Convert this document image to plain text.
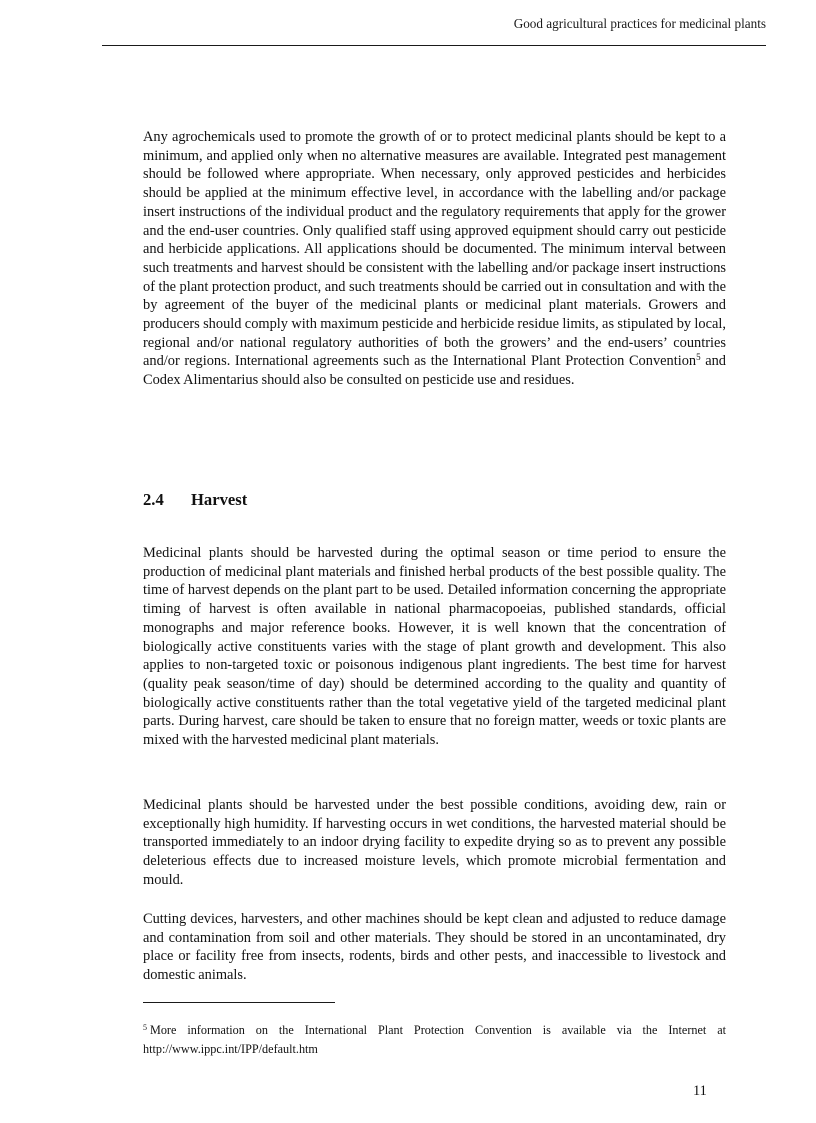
Good agricultural practices for medicinal plants

Any agrochemicals used to promote the growth of or to protect medicinal plants should be kept to a minimum, and applied only when no alternative measures are available. Integrated pest management should be followed where appropriate. When necessary, only approved pesticides and herbicides should be applied at the minimum effective level, in accordance with the labelling and/or package insert instructions of the individual product and the regulatory requirements that apply for the grower and the end-user countries. Only qualified staff using approved equipment should carry out pesticide and herbicide applications. All applications should be documented. The minimum interval between such treatments and harvest should be consistent with the labelling and/or package insert instructions of the plant protection product, and such treatments should be carried out in consultation and with the by agreement of the buyer of the medicinal plants or medicinal plant materials. Growers and producers should comply with maximum pesticide and herbicide residue limits, as stipulated by local, regional and/or national regulatory authorities of both the growers’ and the end-users’ countries and/or regions. International agreements such as the International Plant Protection Convention$^5$ and Codex Alimentarius should also be consulted on pesticide use and residues.

2.4 Harvest

Medicinal plants should be harvested during the optimal season or time period to ensure the production of medicinal plant materials and finished herbal products of the best possible quality. The time of harvest depends on the plant part to be used. Detailed information concerning the appropriate timing of harvest is often available in national pharmacopoeias, published standards, official monographs and major reference books. However, it is well known that the concentration of biologically active constituents varies with the stage of plant growth and development. This also applies to non-targeted toxic or poisonous indigenous plant ingredients. The best time for harvest (quality peak season/time of day) should be determined according to the quality and quantity of biologically active constituents rather than the total vegetative yield of the targeted medicinal plant parts. During harvest, care should be taken to ensure that no foreign matter, weeds or toxic plants are mixed with the harvested medicinal plant materials.

Medicinal plants should be harvested under the best possible conditions, avoiding dew, rain or exceptionally high humidity. If harvesting occurs in wet conditions, the harvested material should be transported immediately to an indoor drying facility to expedite drying so as to prevent any possible deleterious effects due to increased moisture levels, which promote microbial fermentation and mould.

Cutting devices, harvesters, and other machines should be kept clean and adjusted to reduce damage and contamination from soil and other materials. They should be stored in an uncontaminated, dry place or facility free from insects, rodents, birds and other pests, and inaccessible to livestock and domestic animals.

$^5$ More information on the International Plant Protection Convention is available via the Internet at http://www.ippc.int/IPP/default.htm

11
